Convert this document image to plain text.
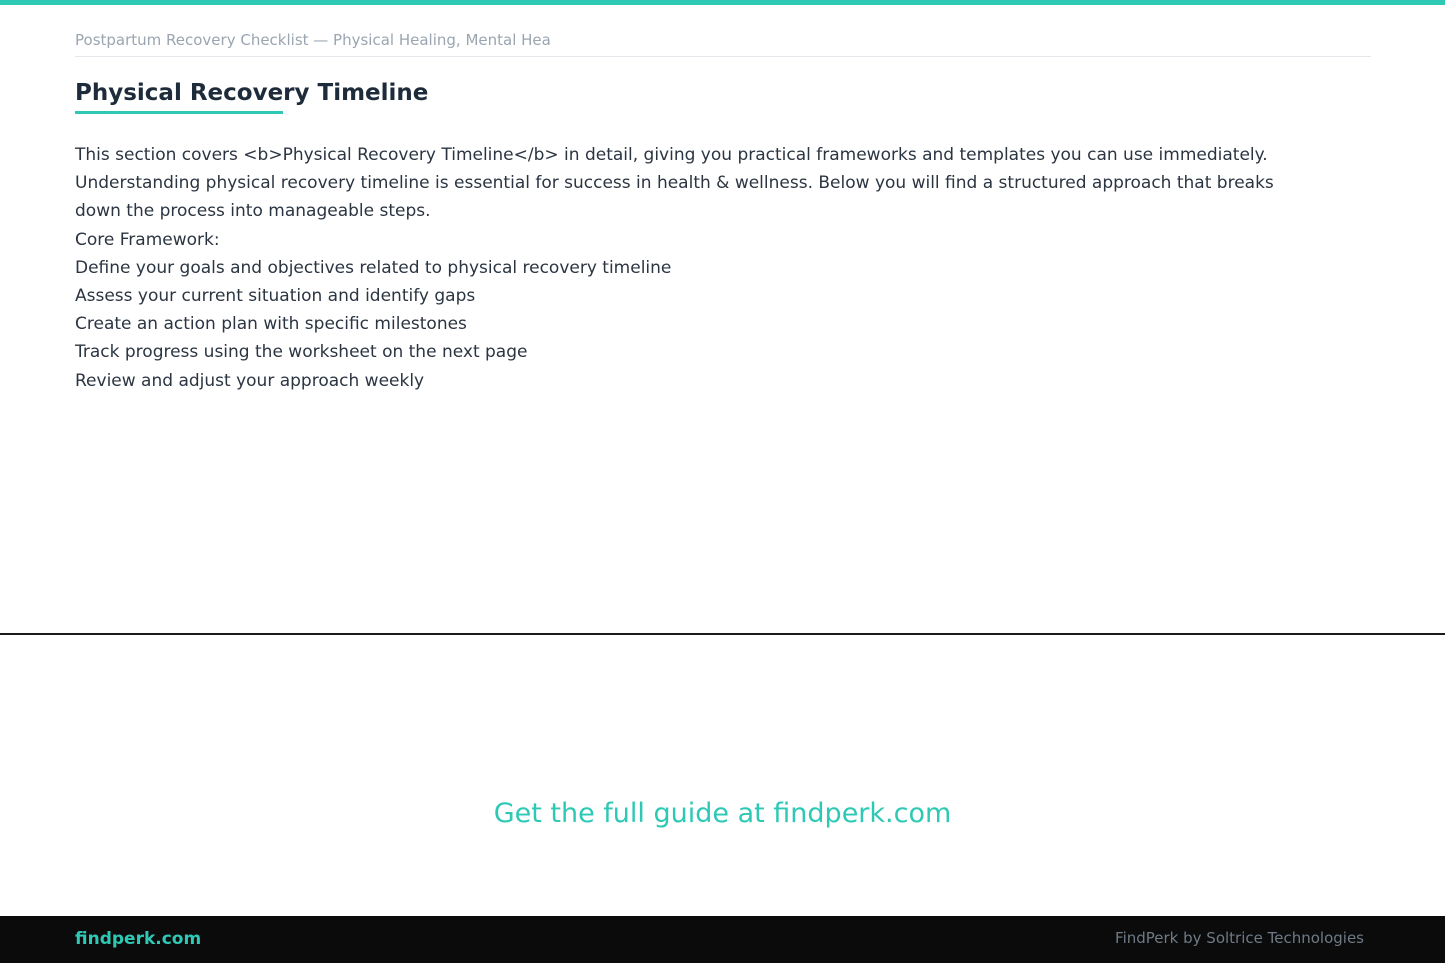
Postpartum Recovery Checklist — Physical Healing, Mental Hea
Physical Recovery Timeline

This section covers <b>Physical Recovery Timeline</b> in detail, giving you practical frameworks and templates you can use immediately. Understanding physical recovery timeline is essential for success in health & wellness. Below you will find a structured approach that breaks down the process into manageable steps.

Core Framework:

Define your goals and objectives related to physical recovery timeline
Assess your current situation and identify gaps
Create an action plan with specific milestones
Track progress using the worksheet on the next page
Review and adjust your approach weekly
Get the full guide at findperk.com
findperk.com	FindPerk by Soltrice Technologies
